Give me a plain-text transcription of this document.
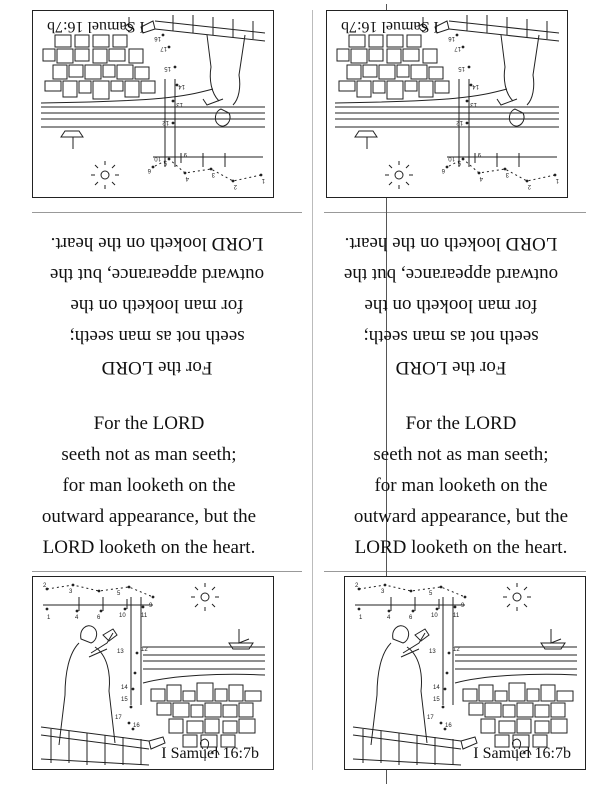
1
2
3
4
5
6
9
10
12
13
14
15
17
16
I Samuel 16:7b
For the LORD
seeth not as man seeth;
for man looketh on the
outward appearance, but the
LORD looketh on the heart.
1
2
3
4
5
6
9
10
12
13
14
15
17
16
I Samuel 16:7b
For the LORD
seeth not as man seeth;
for man looketh on the
outward appearance, but the
LORD looketh on the heart.
For the LORD
seeth not as man seeth;
for man looketh on the
outward appearance, but the
LORD looketh on the heart.
1
2
3
4
5
6
9
10	11
12
13
14
15
16
17
I Samuel 16:7b
For the LORD
seeth not as man seeth;
for man looketh on the
outward appearance, but the
LORD looketh on the heart.
1
2
3
4
5
6
9
10	11
12
13
14
15
16
17
I Samuel 16:7b
